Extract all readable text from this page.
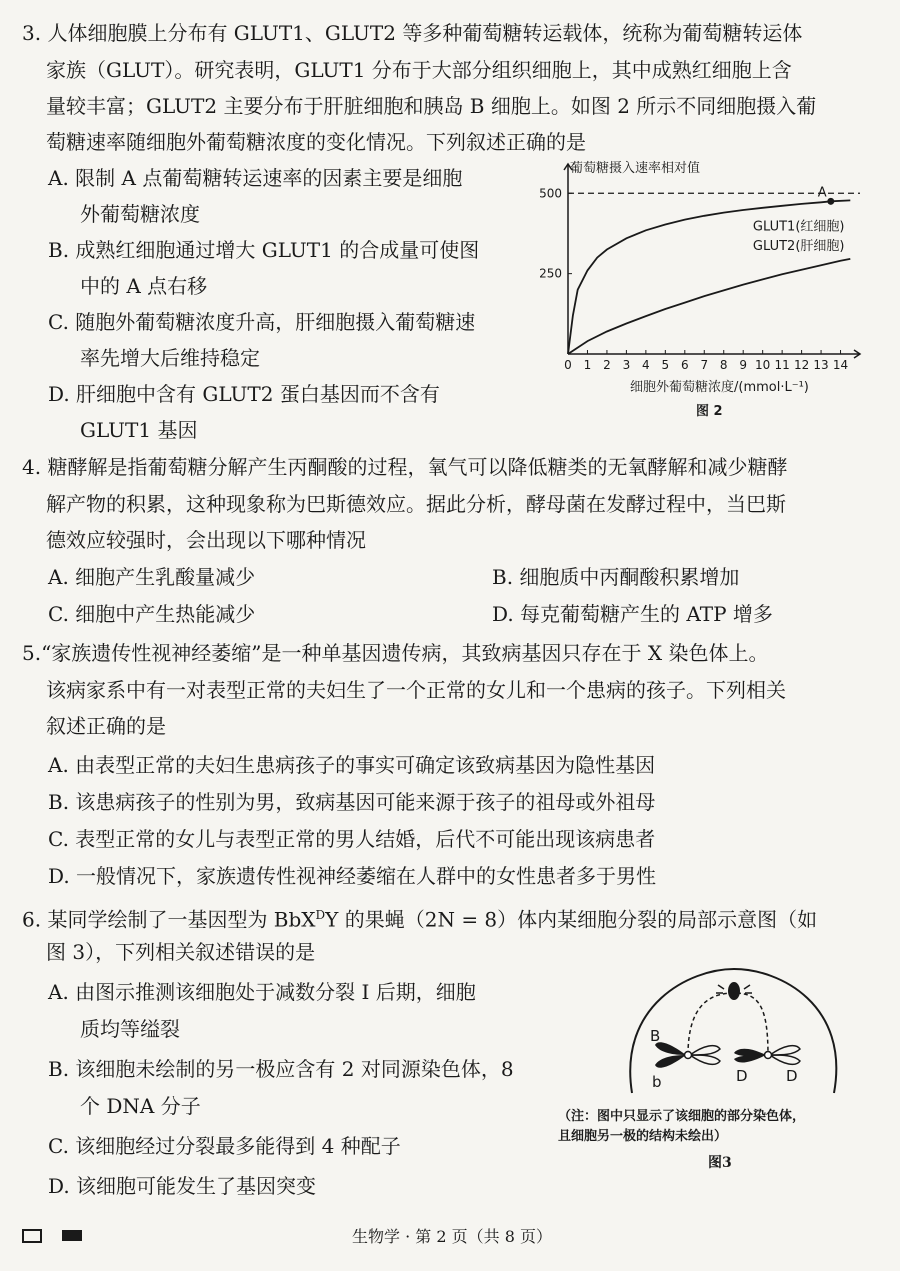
3. 人体细胞膜上分布有 GLUT1、GLUT2 等多种葡萄糖转运载体，统称为葡萄糖转运体
家族（GLUT）。研究表明，GLUT1 分布于大部分组织细胞上，其中成熟红细胞上含
量较丰富；GLUT2 主要分布于肝脏细胞和胰岛 B 细胞上。如图 2 所示不同细胞摄入葡
萄糖速率随细胞外葡萄糖浓度的变化情况。下列叙述正确的是
A. 限制 A 点葡萄糖转运速率的因素主要是细胞
外葡萄糖浓度
B. 成熟红细胞通过增大 GLUT1 的合成量可使图
中的 A 点右移
C. 随胞外葡萄糖浓度升高，肝细胞摄入葡萄糖速
率先增大后维持稳定
D. 肝细胞中含有 GLUT2 蛋白基因而不含有
GLUT1 基因
葡萄糖摄入速率相对值
0 1 2 3 4 5 6 7 8 9 10 11 12 13 14
250
500
GLUT1(红细胞)
GLUT2(肝细胞)
A
细胞外葡萄糖浓度/(mmol·L⁻¹)
图 2
4. 糖酵解是指葡萄糖分解产生丙酮酸的过程，氧气可以降低糖类的无氧酵解和减少糖酵
解产物的积累，这种现象称为巴斯德效应。据此分析，酵母菌在发酵过程中，当巴斯
德效应较强时，会出现以下哪种情况
A. 细胞产生乳酸量减少	B. 细胞质中丙酮酸积累增加
C. 细胞中产生热能减少	D. 每克葡萄糖产生的 ATP 增多
5.“家族遗传性视神经萎缩”是一种单基因遗传病，其致病基因只存在于 X 染色体上。
该病家系中有一对表型正常的夫妇生了一个正常的女儿和一个患病的孩子。下列相关
叙述正确的是
A. 由表型正常的夫妇生患病孩子的事实可确定该致病基因为隐性基因
B. 该患病孩子的性别为男，致病基因可能来源于孩子的祖母或外祖母
C. 表型正常的女儿与表型正常的男人结婚，后代不可能出现该病患者
D. 一般情况下，家族遗传性视神经萎缩在人群中的女性患者多于男性
6. 某同学绘制了一基因型为 BbX$^D$Y 的果蝇（2N = 8）体内某细胞分裂的局部示意图（如
图 3），下列相关叙述错误的是
A. 由图示推测该细胞处于减数分裂 Ⅰ 后期，细胞
质均等缢裂
B. 该细胞未绘制的另一极应含有 2 对同源染色体，8
个 DNA 分子
C. 该细胞经过分裂最多能得到 4 种配子
D. 该细胞可能发生了基因突变
B
b	D	D
（注：图中只显示了该细胞的部分染色体，
且细胞另一极的结构未绘出）
图3
生物学 · 第 2 页（共 8 页）
